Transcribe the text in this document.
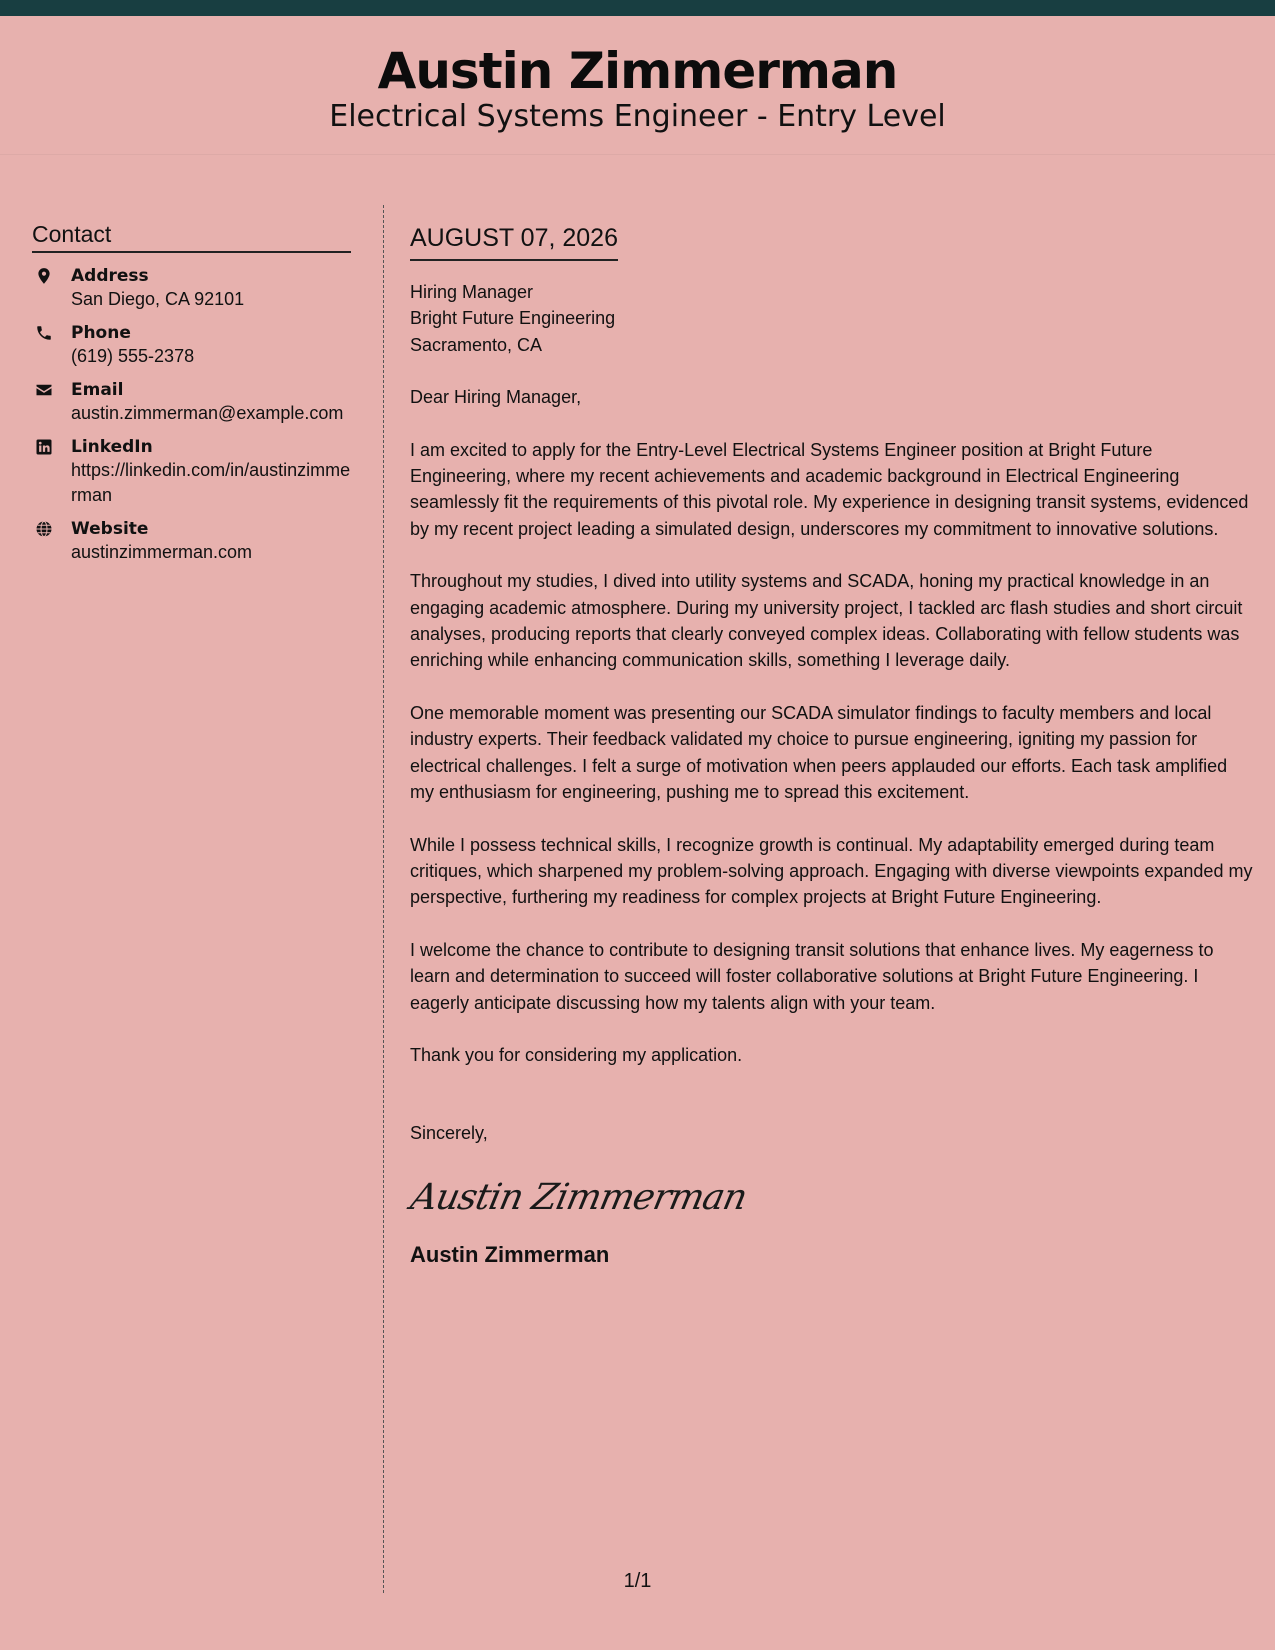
Austin Zimmerman
Electrical Systems Engineer - Entry Level
Contact
Address
San Diego, CA 92101
Phone
(619) 555-2378
Email
austin.zimmerman@example.com
LinkedIn
https://linkedin.com/in/austinzimmerman
Website
austinzimmerman.com
AUGUST 07, 2026
Hiring Manager
Bright Future Engineering
Sacramento, CA

Dear Hiring Manager,

I am excited to apply for the Entry-Level Electrical Systems Engineer position at Bright Future Engineering, where my recent achievements and academic background in Electrical Engineering seamlessly fit the requirements of this pivotal role. My experience in designing transit systems, evidenced by my recent project leading a simulated design, underscores my commitment to innovative solutions.

Throughout my studies, I dived into utility systems and SCADA, honing my practical knowledge in an engaging academic atmosphere. During my university project, I tackled arc flash studies and short circuit analyses, producing reports that clearly conveyed complex ideas. Collaborating with fellow students was enriching while enhancing communication skills, something I leverage daily.

One memorable moment was presenting our SCADA simulator findings to faculty members and local industry experts. Their feedback validated my choice to pursue engineering, igniting my passion for electrical challenges. I felt a surge of motivation when peers applauded our efforts. Each task amplified my enthusiasm for engineering, pushing me to spread this excitement.

While I possess technical skills, I recognize growth is continual. My adaptability emerged during team critiques, which sharpened my problem-solving approach. Engaging with diverse viewpoints expanded my perspective, furthering my readiness for complex projects at Bright Future Engineering.

I welcome the chance to contribute to designing transit solutions that enhance lives. My eagerness to learn and determination to succeed will foster collaborative solutions at Bright Future Engineering. I eagerly anticipate discussing how my talents align with your team.

Thank you for considering my application.

Sincerely,
Austin Zimmerman
Austin Zimmerman
1/1
